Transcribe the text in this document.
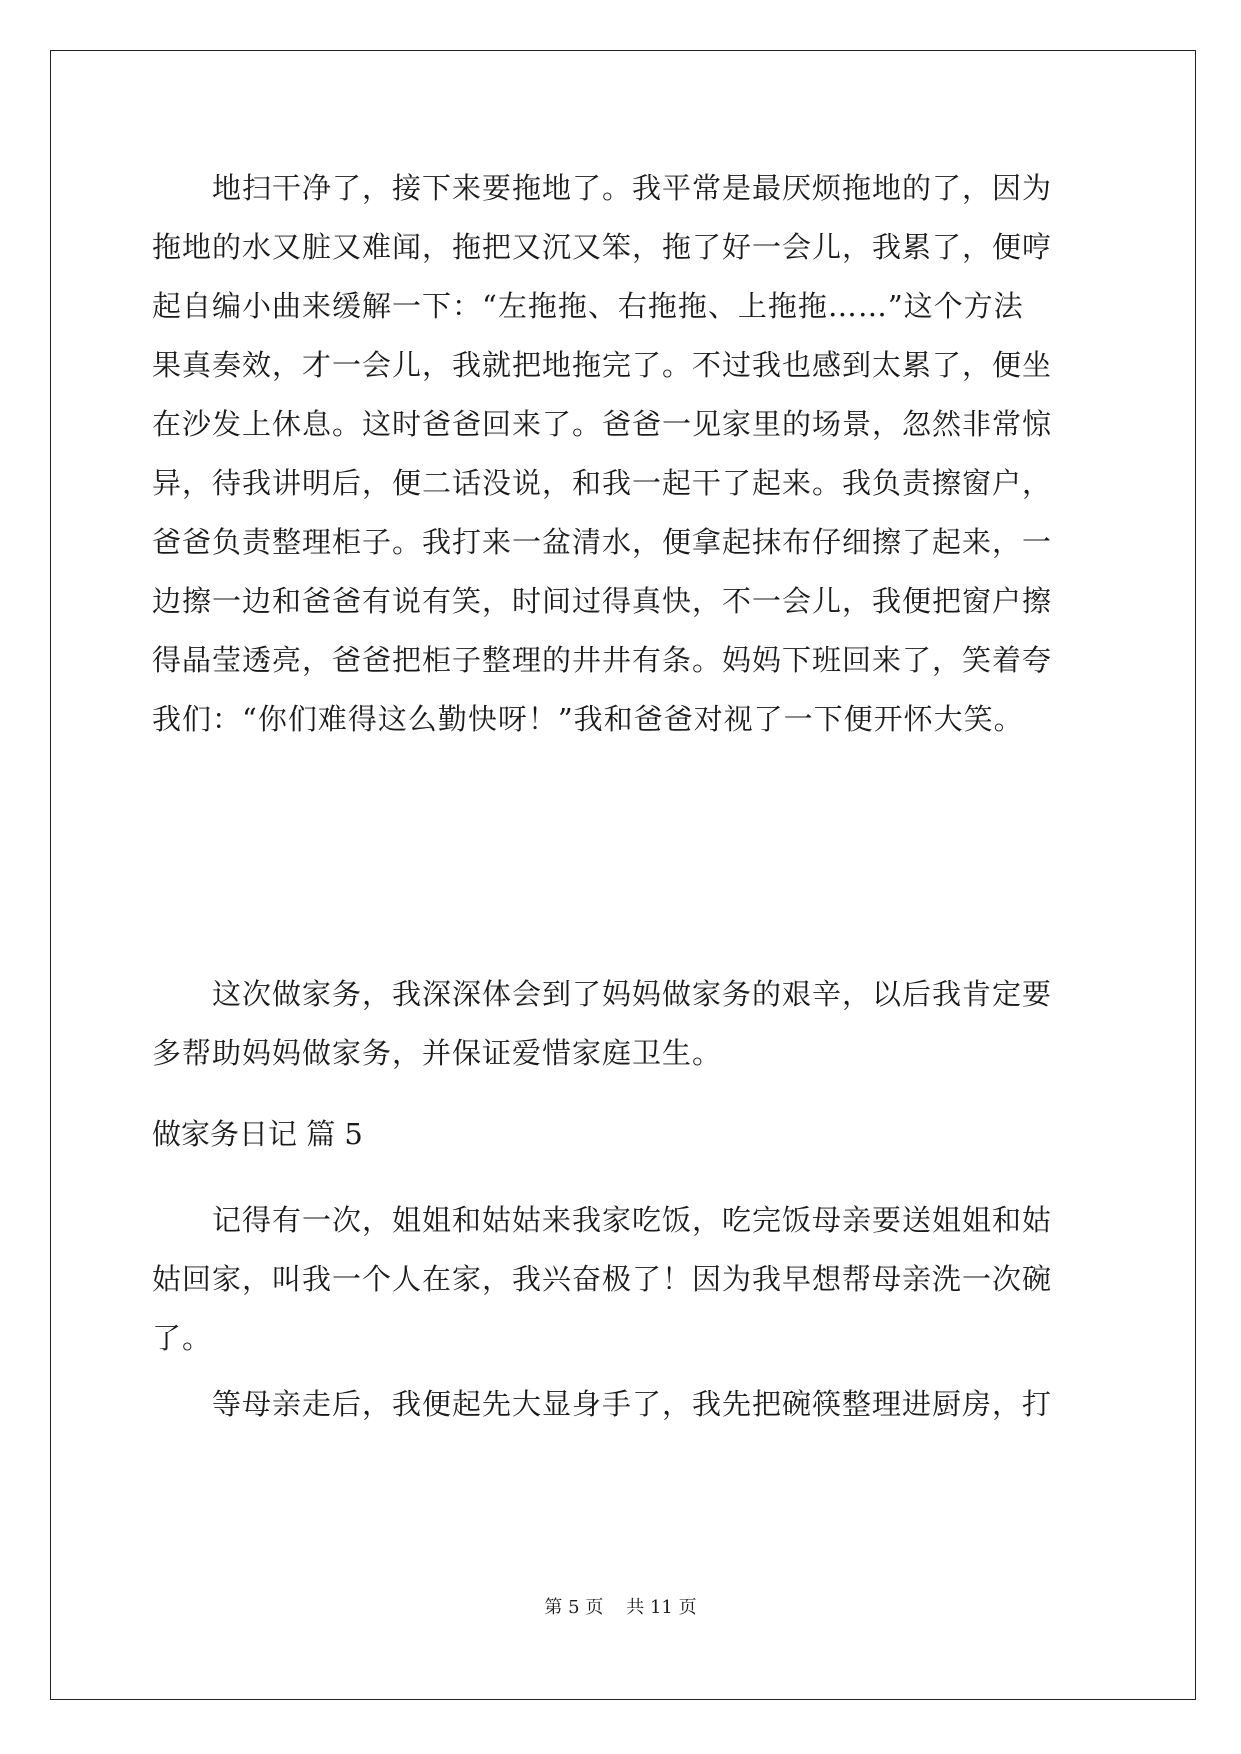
　　地扫干净了，接下来要拖地了。我平常是最厌烦拖地的了，因为
拖地的水又脏又难闻，拖把又沉又笨，拖了好一会儿，我累了，便哼
起自编小曲来缓解一下：“左拖拖、右拖拖、上拖拖……”这个方法
果真奏效，才一会儿，我就把地拖完了。不过我也感到太累了，便坐
在沙发上休息。这时爸爸回来了。爸爸一见家里的场景，忽然非常惊
异，待我讲明后，便二话没说，和我一起干了起来。我负责擦窗户，
爸爸负责整理柜子。我打来一盆清水，便拿起抹布仔细擦了起来，一
边擦一边和爸爸有说有笑，时间过得真快，不一会儿，我便把窗户擦
得晶莹透亮，爸爸把柜子整理的井井有条。妈妈下班回来了，笑着夸
我们：“你们难得这么勤快呀！”我和爸爸对视了一下便开怀大笑。
　　这次做家务，我深深体会到了妈妈做家务的艰辛，以后我肯定要
多帮助妈妈做家务，并保证爱惜家庭卫生。
做家务日记 篇 5
　　记得有一次，姐姐和姑姑来我家吃饭，吃完饭母亲要送姐姐和姑
姑回家，叫我一个人在家，我兴奋极了！因为我早想帮母亲洗一次碗
了。
　　等母亲走后，我便起先大显身手了，我先把碗筷整理进厨房，打
第 5 页 共 11 页
